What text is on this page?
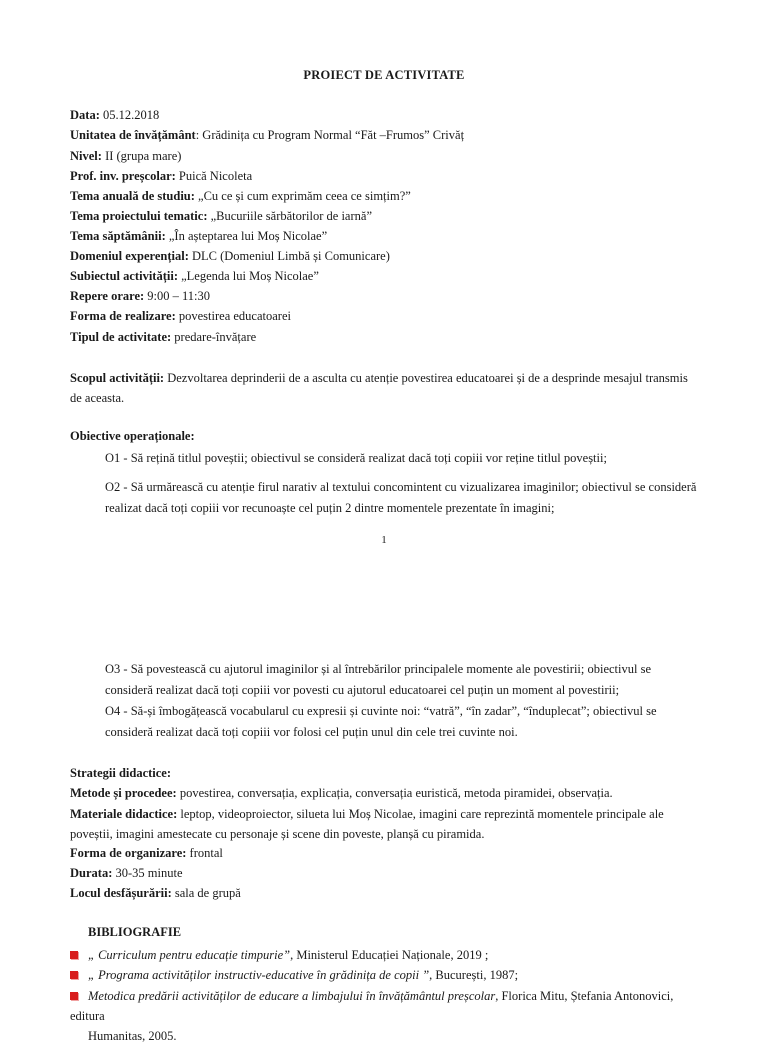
PROIECT DE ACTIVITATE
Data: 05.12.2018
Unitatea de învățământ: Grădinița cu Program Normal “Făt –Frumos” Crivăț
Nivel: II (grupa mare)
Prof. inv. preșcolar: Puică Nicoleta
Tema anuală de studiu: „Cu ce și cum exprimăm ceea ce simțim?”
Tema proiectului tematic: „Bucuriile sărbătorilor de iarnă”
Tema săptămânii: „În așteptarea lui Moș Nicolae”
Domeniul experențial: DLC (Domeniul Limbă și Comunicare)
Subiectul activității: „Legenda lui Moș Nicolae”
Repere orare: 9:00 – 11:30
Forma de realizare: povestirea educatoarei
Tipul de activitate: predare-învățare
Scopul activității: Dezvoltarea deprinderii de a asculta cu atenție povestirea educatoarei și de a desprinde mesajul transmis de aceasta.
Obiective operaționale:
O1 - Să rețină titlul poveștii; obiectivul se consideră realizat dacă toți copiii vor reține titlul poveștii;
O2 - Să urmărească cu atenție firul narativ al textului concomintent cu vizualizarea imaginilor; obiectivul se consideră realizat dacă toți copiii vor recunoaște cel puțin 2 dintre momentele prezentate în imagini;
1
O3 - Să povestească cu ajutorul imaginilor și al întrebărilor principalele momente ale povestirii; obiectivul se consideră realizat dacă toți copiii vor povesti cu ajutorul educatoarei cel puțin un moment al povestirii;
O4 - Să-și îmbogățească vocabularul cu expresii și cuvinte noi: “vatră”, “în zadar”, “înduplecat”; obiectivul se consideră realizat dacă toți copiii vor folosi cel puțin unul din cele trei cuvinte noi.
Strategii didactice:
Metode și procedee: povestirea, conversația, explicația, conversația euristică, metoda piramidei, observația.
Materiale didactice: leptop, videoproiector, silueta lui Moș Nicolae, imagini care reprezintă momentele principale ale poveștii, imagini amestecate cu personaje și scene din poveste, planșă cu piramida.
Forma de organizare: frontal
Durata: 30-35 minute
Locul desfășurării: sala de grupă
BIBLIOGRAFIE
„ Curriculum pentru educație timpurie”, Ministerul Educației Naționale, 2019 ;
„ Programa activităților instructiv-educative în grădinița de copii ”, București, 1987;
Metodica predării activităților de educare a limbajului în învățământul preșcolar, Florica Mitu, Ștefania Antonovici, editura
Humanitas, 2005.
